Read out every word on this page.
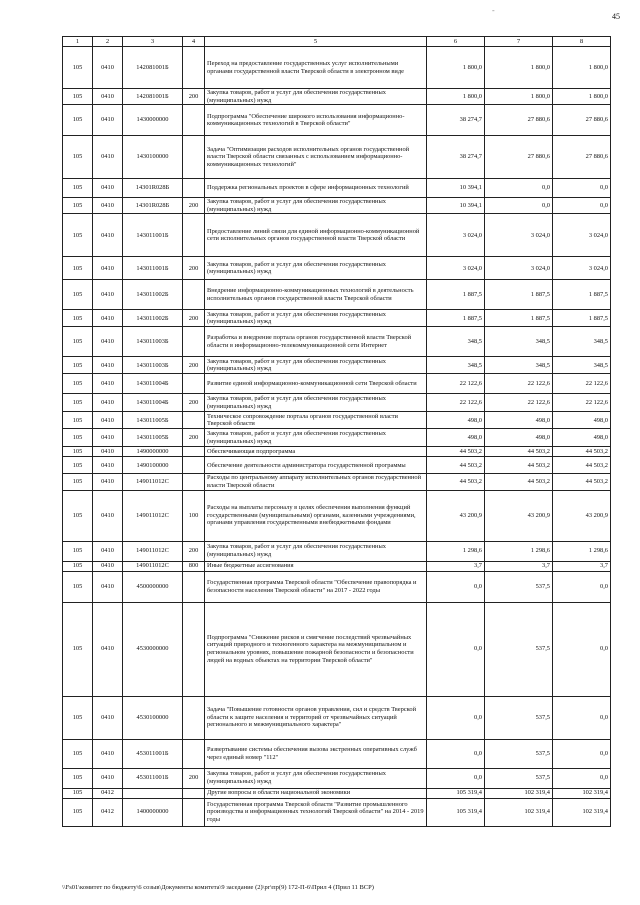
-
45
1	2	3	4	5	6	7	8
105	0410	142081001Б		Переход на предоставление государственных услуг исполнительными органами государственной власти Тверской области в электронном виде	1 800,0	1 800,0	1 800,0
105	0410	142081001Б	200	Закупка товаров, работ и услуг для обеспечения государственных (муниципальных) нужд	1 800,0	1 800,0	1 800,0
105	0410	1430000000		Подпрограмма "Обеспечение широкого использования информационно-коммуникационных технологий в Тверской области"	38 274,7	27 880,6	27 880,6
105	0410	1430100000		Задача "Оптимизация расходов исполнительных органов государственной власти Тверской области связанных с использованием информационно-коммуникационных технологий"	38 274,7	27 880,6	27 880,6
105	0410	14301R028Б		Поддержка региональных проектов в сфере информационных технологий	10 394,1	0,0	0,0
105	0410	14301R028Б	200	Закупка товаров, работ и услуг для обеспечения государственных (муниципальных) нужд	10 394,1	0,0	0,0
105	0410	143011001Б		Предоставление линий связи для единой информационно-коммуникационной сети исполнительных органов государственной власти Тверской области	3 024,0	3 024,0	3 024,0
105	0410	143011001Б	200	Закупка товаров, работ и услуг для обеспечения государственных (муниципальных) нужд	3 024,0	3 024,0	3 024,0
105	0410	143011002Б		Внедрение информационно-коммуникационных технологий в деятельность исполнительных органов государственной власти Тверской области	1 887,5	1 887,5	1 887,5
105	0410	143011002Б	200	Закупка товаров, работ и услуг для обеспечения государственных (муниципальных) нужд	1 887,5	1 887,5	1 887,5
105	0410	143011003Б		Разработка и внедрение портала органов государственной власти Тверской области в информационно-телекоммуникационной сети Интернет	348,5	348,5	348,5
105	0410	143011003Б	200	Закупка товаров, работ и услуг для обеспечения государственных (муниципальных) нужд	348,5	348,5	348,5
105	0410	143011004Б		Развитие единой информационно-коммуникационной сети Тверской области	22 122,6	22 122,6	22 122,6
105	0410	143011004Б	200	Закупка товаров, работ и услуг для обеспечения государственных (муниципальных) нужд	22 122,6	22 122,6	22 122,6
105	0410	143011005Б		Техническое сопровождение портала органов государственной власти Тверской области	498,0	498,0	498,0
105	0410	143011005Б	200	Закупка товаров, работ и услуг для обеспечения государственных (муниципальных) нужд	498,0	498,0	498,0
105	0410	1490000000		Обеспечивающая подпрограмма	44 503,2	44 503,2	44 503,2
105	0410	1490100000		Обеспечение деятельности администратора государственной программы	44 503,2	44 503,2	44 503,2
105	0410	149011012С		Расходы по центральному аппарату исполнительных органов государственной власти Тверской области	44 503,2	44 503,2	44 503,2
105	0410	149011012С	100	Расходы на выплаты персоналу в целях обеспечения выполнения функций государственными (муниципальными) органами, казенными учреждениями, органами управления государственными внебюджетными фондами	43 200,9	43 200,9	43 200,9
105	0410	149011012С	200	Закупка товаров, работ и услуг для обеспечения государственных (муниципальных) нужд	1 298,6	1 298,6	1 298,6
105	0410	149011012С	800	Иные бюджетные ассигнования	3,7	3,7	3,7
105	0410	4500000000		Государственная программа Тверской области "Обеспечение правопорядка и безопасности населения Тверской области" на 2017 - 2022 годы	0,0	537,5	0,0
105	0410	4530000000		Подпрограмма "Снижение рисков и смягчение последствий чрезвычайных ситуаций природного и техногенного характера на межмуниципальном и региональном уровнях, повышение пожарной безопасности и безопасности людей на водных объектах на территории Тверской области"	0,0	537,5	0,0
105	0410	4530100000		Задача "Повышение готовности органов управления, сил и средств Тверской области к защите населения и территорий от чрезвычайных ситуаций регионального и межмуниципального характера"	0,0	537,5	0,0
105	0410	453011001Б		Развертывание системы обеспечения вызова экстренных оперативных служб через единый номер "112"	0,0	537,5	0,0
105	0410	453011001Б	200	Закупка товаров, работ и услуг для обеспечения государственных (муниципальных) нужд	0,0	537,5	0,0
105	0412			Другие вопросы в области национальной экономики	105 319,4	102 319,4	102 319,4
105	0412	1400000000		Государственная программа Тверской области "Развитие промышленного производства и информационных технологий Тверской области" на 2014 - 2019 годы	105 319,4	102 319,4	102 319,4
\\Fs01\комитет по бюджету\6 созыв\Документы комитета\9 заседание (2)\рг\пр(9) 172-П-6\Прил 4 (Прил 11 ВСР)
